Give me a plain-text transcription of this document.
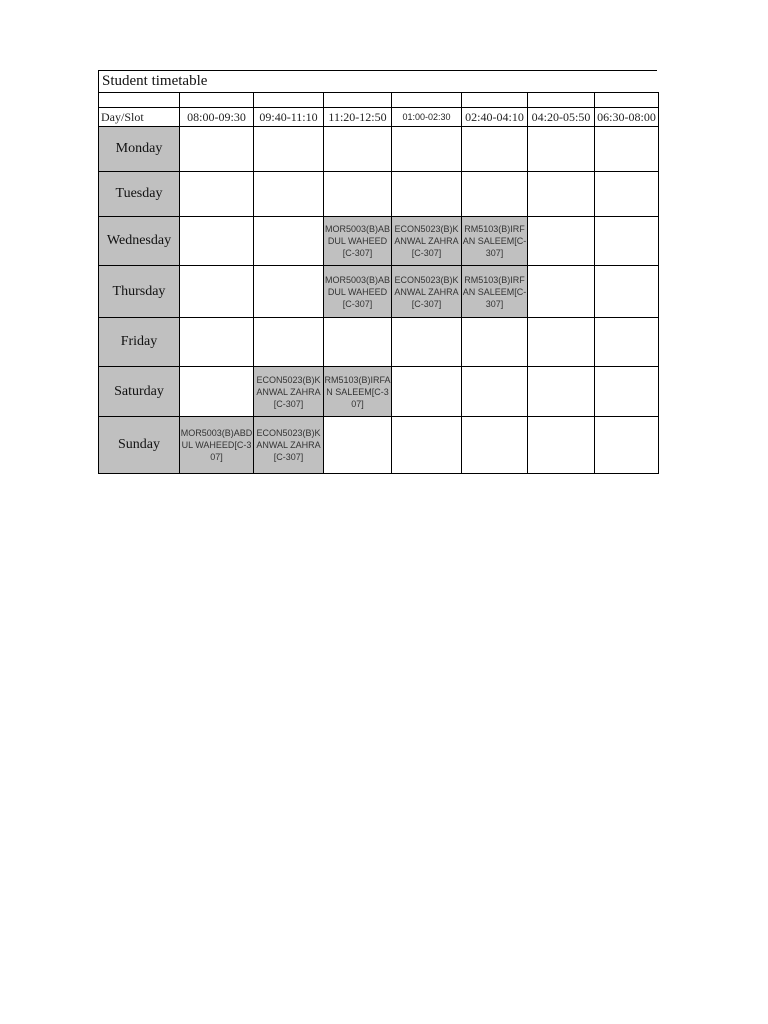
Student timetable

Day/Slot	08:00-09:30	09:40-11:10	11:20-12:50	01:00-02:30	02:40-04:10	04:20-05:50	06:30-08:00
Monday							
Tuesday							
Wednesday			MOR5003(B)ABDUL WAHEED[C-307]	ECON5023(B)KANWAL ZAHRA[C-307]	RM5103(B)IRFAN SALEEM[C-307]		
Thursday			MOR5003(B)ABDUL WAHEED[C-307]	ECON5023(B)KANWAL ZAHRA[C-307]	RM5103(B)IRFAN SALEEM[C-307]		
Friday							
Saturday		ECON5023(B)KANWAL ZAHRA[C-307]	RM5103(B)IRFAN SALEEM[C-307]				
Sunday	MOR5003(B)ABDUL WAHEED[C-307]	ECON5023(B)KANWAL ZAHRA[C-307]					
